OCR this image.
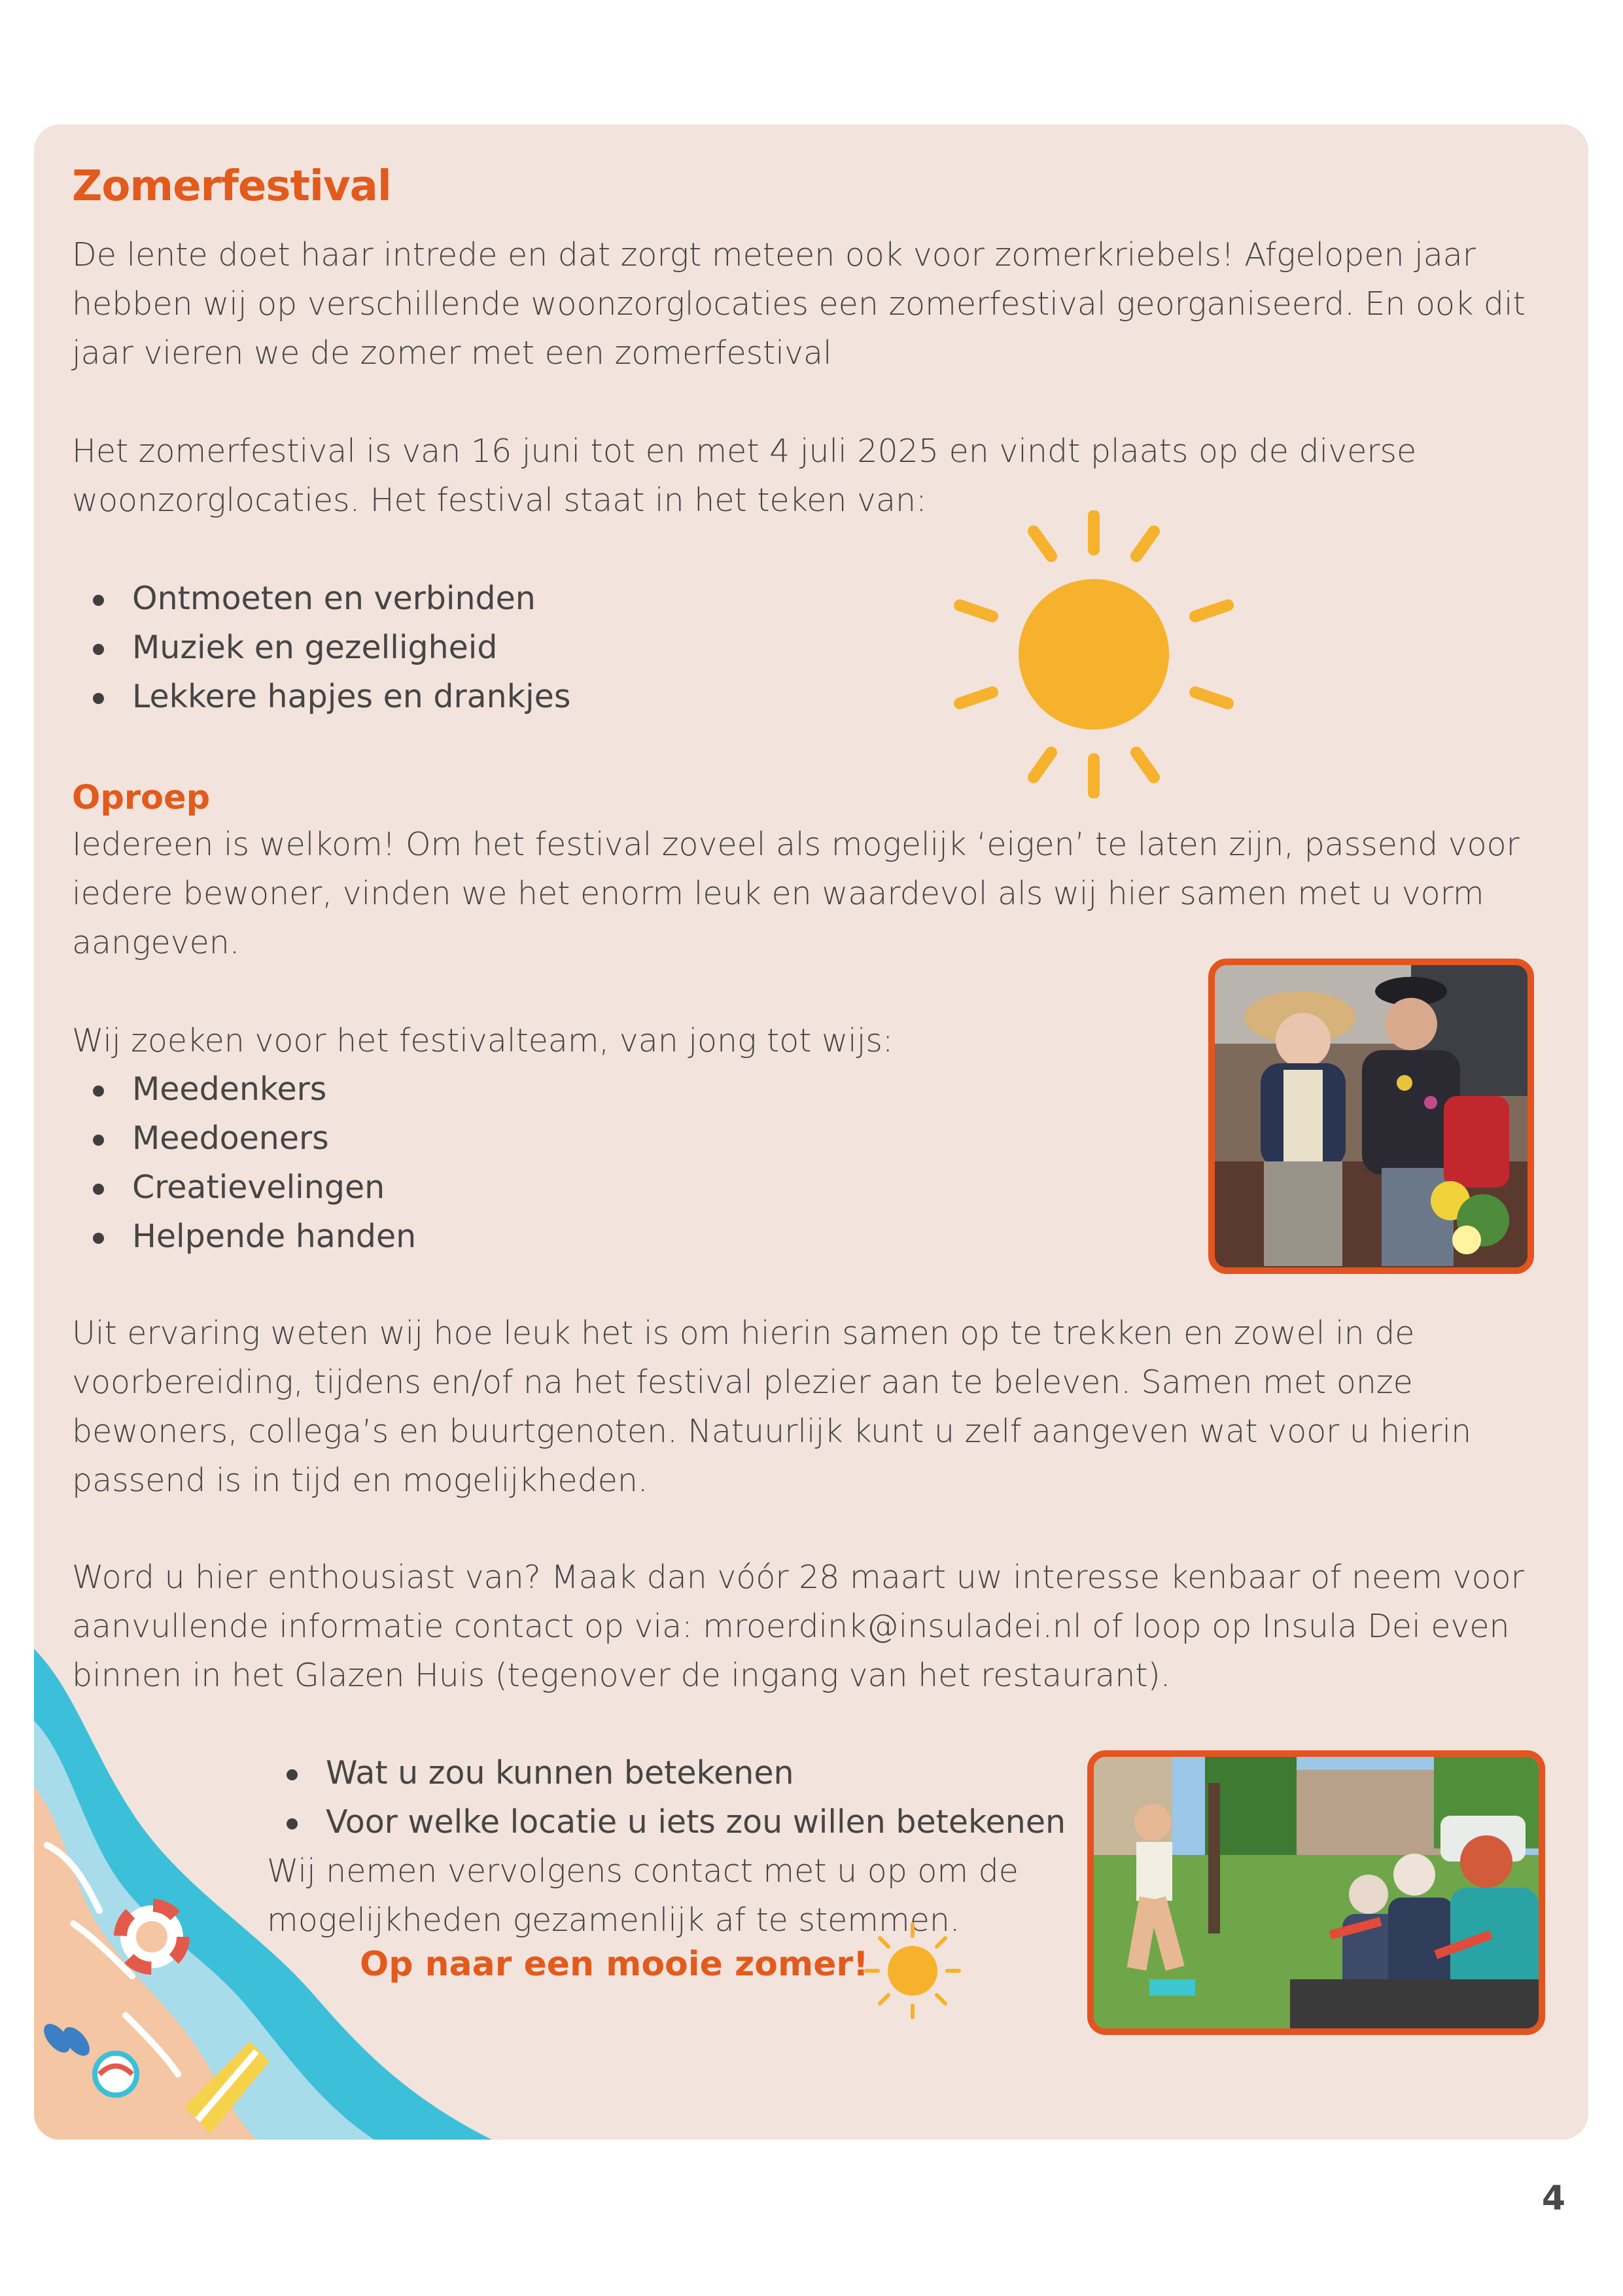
Zomerfestival

De lente doet haar intrede en dat zorgt meteen ook voor zomerkriebels! Afgelopen jaar hebben wij op verschillende woonzorglocaties een zomerfestival georganiseerd. En ook dit jaar vieren we de zomer met een zomerfestival

Het zomerfestival is van 16 juni tot en met 4 juli 2025 en vindt plaats op de diverse woonzorglocaties. Het festival staat in het teken van:

Ontmoeten en verbinden
Muziek en gezelligheid
Lekkere hapjes en drankjes
Oproep

Iedereen is welkom! Om het festival zoveel als mogelijk ‘eigen’ te laten zijn, passend voor iedere bewoner, vinden we het enorm leuk en waardevol als wij hier samen met u vorm aangeven.

Wij zoeken voor het festivalteam, van jong tot wijs:

Meedenkers
Meedoeners
Creatievelingen
Helpende handen

Uit ervaring weten wij hoe leuk het is om hierin samen op te trekken en zowel in de voorbereiding, tijdens en/of na het festival plezier aan te beleven. Samen met onze bewoners, collega’s en buurtgenoten. Natuurlijk kunt u zelf aangeven wat voor u hierin passend is in tijd en mogelijkheden.

Word u hier enthousiast van? Maak dan vóór 28 maart uw interesse kenbaar of neem voor aanvullende informatie contact op via: mroerdink@insuladei.nl of loop op Insula Dei even binnen in het Glazen Huis (tegenover de ingang van het restaurant).

Wat u zou kunnen betekenen
Voor welke locatie u iets zou willen betekenen

Wij nemen vervolgens contact met u op om de mogelijkheden gezamenlijk af te stemmen.

Op naar een mooie zomer!

4
